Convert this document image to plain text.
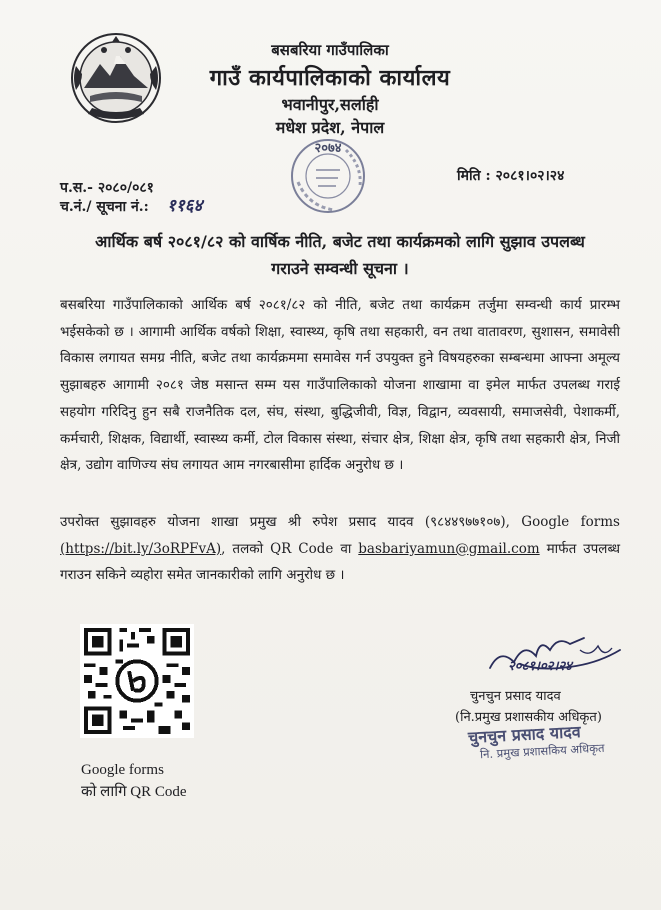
बसबरिया गाउँपालिका
गाउँ कार्यपालिकाको कार्यालय
भवानीपुर,सर्लाही
मधेश प्रदेश, नेपाल
२०७४
मिति : २०८१।०२।२४
प.स.- २०८०/०८१
च.नं./ सूचना नं.: ११६४
आर्थिक बर्ष २०८१/८२ को वार्षिक नीति, बजेट तथा कार्यक्रमको लागि सुझाव उपलब्ध
गराउने सम्वन्धी सूचना ।
बसबरिया गाउँपालिकाको आर्थिक बर्ष २०८१/८२ को नीति, बजेट तथा कार्यक्रम तर्जुमा सम्वन्धी कार्य प्रारम्भ भईसकेको छ । आगामी आर्थिक वर्षको शिक्षा, स्वास्थ्य, कृषि तथा सहकारी, वन तथा वातावरण, सुशासन, समावेसी विकास लगायत समग्र नीति, बजेट तथा कार्यक्रममा समावेस गर्न उपयुक्त हुने विषयहरुका सम्बन्धमा आफ्ना अमूल्य सुझाबहरु आगामी २०८१ जेष्ठ मसान्त सम्म यस गाउँपालिकाको योजना शाखामा वा इमेल मार्फत उपलब्ध गराई सहयोग गरिदिनु हुन सबै राजनैतिक दल, संघ, संस्था, बुद्धिजीवी, विज्ञ, विद्वान, व्यवसायी, समाजसेवी, पेशाकर्मी, कर्मचारी, शिक्षक, विद्यार्थी, स्वास्थ्य कर्मी, टोल विकास संस्था, संचार क्षेत्र, शिक्षा क्षेत्र, कृषि तथा सहकारी क्षेत्र, निजी क्षेत्र, उद्योग वाणिज्य संघ लगायत आम नगरबासीमा हार्दिक अनुरोध छ ।
उपरोक्त सुझावहरु योजना शाखा प्रमुख श्री रुपेश प्रसाद यादव (९८४४९७७१०७), Google forms (https://bit.ly/3oRPFvA), तलको QR Code वा basbariyamun@gmail.com मार्फत उपलब्ध गराउन सकिने व्यहोरा समेत जानकारीको लागि अनुरोध छ ।
Google forms
को लागि QR Code
२०८१।०२।२४
चुनचुन प्रसाद यादव
(नि.प्रमुख प्रशासकीय अधिकृत)
चुनचुन प्रसाद यादव
नि. प्रमुख प्रशासकिय अधिकृत
